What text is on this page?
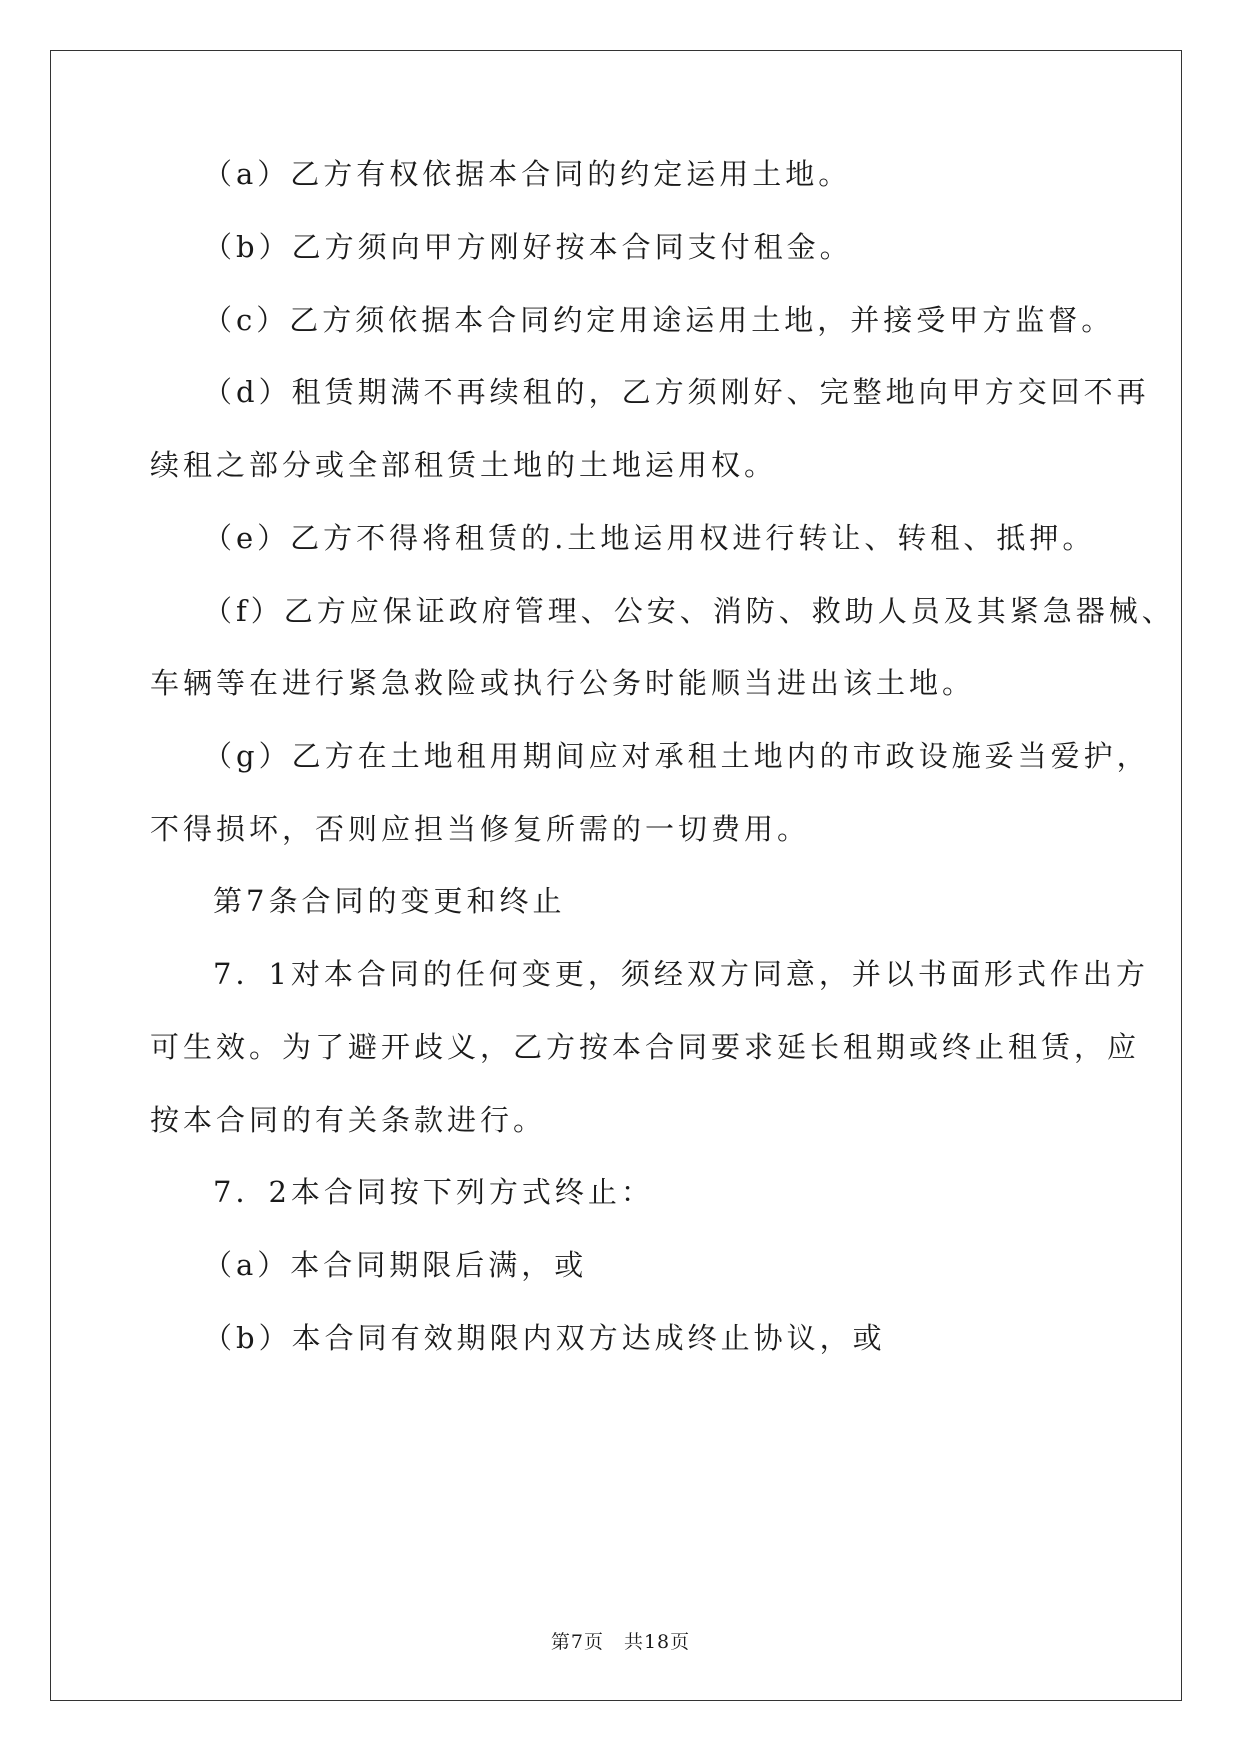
（a）乙方有权依据本合同的约定运用土地。
（b）乙方须向甲方刚好按本合同支付租金。
（c）乙方须依据本合同约定用途运用土地，并接受甲方监督。
（d）租赁期满不再续租的，乙方须刚好、完整地向甲方交回不再
续租之部分或全部租赁土地的土地运用权。
（e）乙方不得将租赁的.土地运用权进行转让、转租、抵押。
（f）乙方应保证政府管理、公安、消防、救助人员及其紧急器械、
车辆等在进行紧急救险或执行公务时能顺当进出该土地。
（g）乙方在土地租用期间应对承租土地内的市政设施妥当爱护，
不得损坏，否则应担当修复所需的一切费用。
第7条合同的变更和终止
7．1对本合同的任何变更，须经双方同意，并以书面形式作出方
可生效。为了避开歧义，乙方按本合同要求延长租期或终止租赁，应
按本合同的有关条款进行。
7．2本合同按下列方式终止：
（a）本合同期限后满，或
（b）本合同有效期限内双方达成终止协议，或
第7页　共18页
